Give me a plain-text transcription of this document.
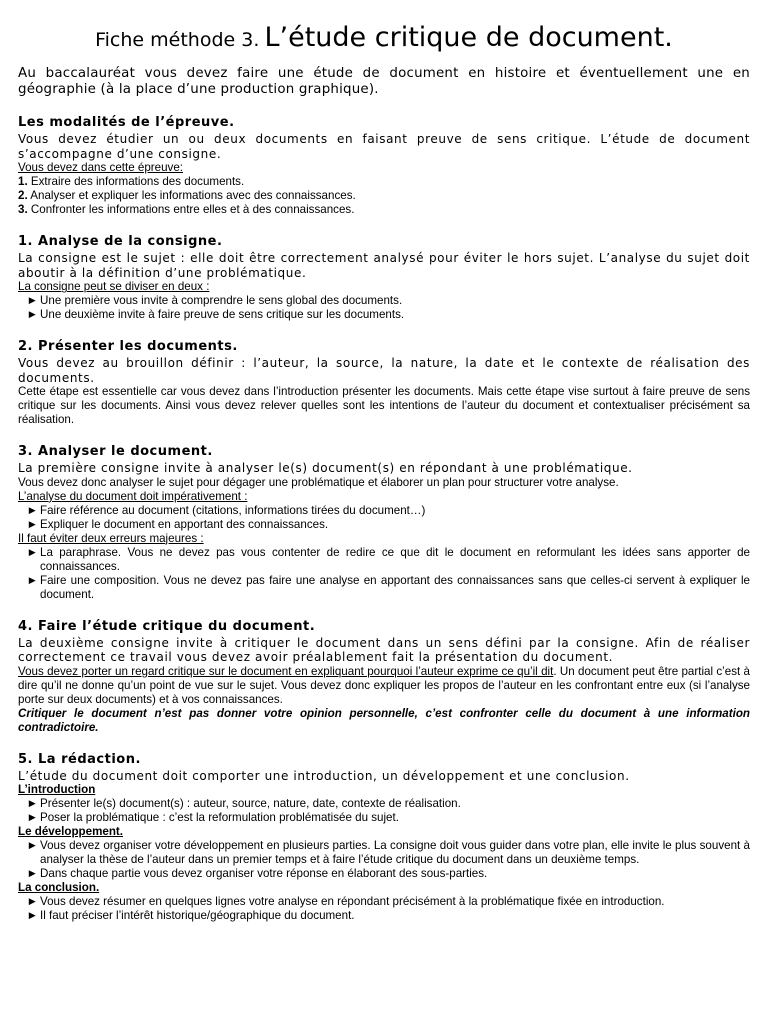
Fiche méthode 3. L’étude critique de document.

Au baccalauréat vous devez faire une étude de document en histoire et éventuellement une en géographie (à la place d’une production graphique).

Les modalités de l’épreuve.

Vous devez étudier un ou deux documents en faisant preuve de sens critique. L’étude de document s’accompagne d’une consigne.

Vous devez dans cette épreuve:

1. Extraire des informations des documents.
2. Analyser et expliquer les informations avec des connaissances.
3. Confronter les informations entre elles et à des connaissances.
1. Analyse de la consigne.

La consigne est le sujet : elle doit être correctement analysé pour éviter le hors sujet. L’analyse du sujet doit aboutir à la définition d’une problématique.

La consigne peut se diviser en deux :

► Une première vous invite à comprendre le sens global des documents.
► Une deuxième invite à faire preuve de sens critique sur les documents.
2. Présenter les documents.

Vous devez au brouillon définir : l’auteur, la source, la nature, la date et le contexte de réalisation des documents.

Cette étape est essentielle car vous devez dans l’introduction présenter les documents. Mais cette étape vise surtout à faire preuve de sens critique sur les documents. Ainsi vous devez relever quelles sont les intentions de l’auteur du document et contextualiser précisément sa réalisation.

3. Analyser le document.

La première consigne invite à analyser le(s) document(s) en répondant à une problématique.

Vous devez donc analyser le sujet pour dégager une problématique et élaborer un plan pour structurer votre analyse.

L’analyse du document doit impérativement :

► Faire référence au document (citations, informations tirées du document…)
► Expliquer le document en apportant des connaissances.

Il faut éviter deux erreurs majeures :

► La paraphrase. Vous ne devez pas vous contenter de redire ce que dit le document en reformulant les idées sans apporter de connaissances.
► Faire une composition. Vous ne devez pas faire une analyse en apportant des connaissances sans que celles-ci servent à expliquer le document.
4. Faire l’étude critique du document.

La deuxième consigne invite à critiquer le document dans un sens défini par la consigne. Afin de réaliser correctement ce travail vous devez avoir préalablement fait la présentation du document.

Vous devez porter un regard critique sur le document en expliquant pourquoi l’auteur exprime ce qu’il dit. Un document peut être partial c’est à dire qu’il ne donne qu’un point de vue sur le sujet. Vous devez donc expliquer les propos de l’auteur en les confrontant entre eux (si l’analyse porte sur deux documents) et à vos connaissances.

Critiquer le document n’est pas donner votre opinion personnelle, c’est confronter celle du document à une information contradictoire.

5. La rédaction.

L’étude du document doit comporter une introduction, un développement et une conclusion.

L’introduction

► Présenter le(s) document(s) : auteur, source, nature, date, contexte de réalisation.
► Poser la problématique : c’est la reformulation problématisée du sujet.

Le développement.

► Vous devez organiser votre développement en plusieurs parties. La consigne doit vous guider dans votre plan, elle invite le plus souvent à analyser la thèse de l’auteur dans un premier temps et à faire l’étude critique du document dans un deuxième temps.
► Dans chaque partie vous devez organiser votre réponse en élaborant des sous-parties.

La conclusion.

► Vous devez résumer en quelques lignes votre analyse en répondant précisément à la problématique fixée en introduction.
► Il faut préciser l’intérêt historique/géographique du document.
